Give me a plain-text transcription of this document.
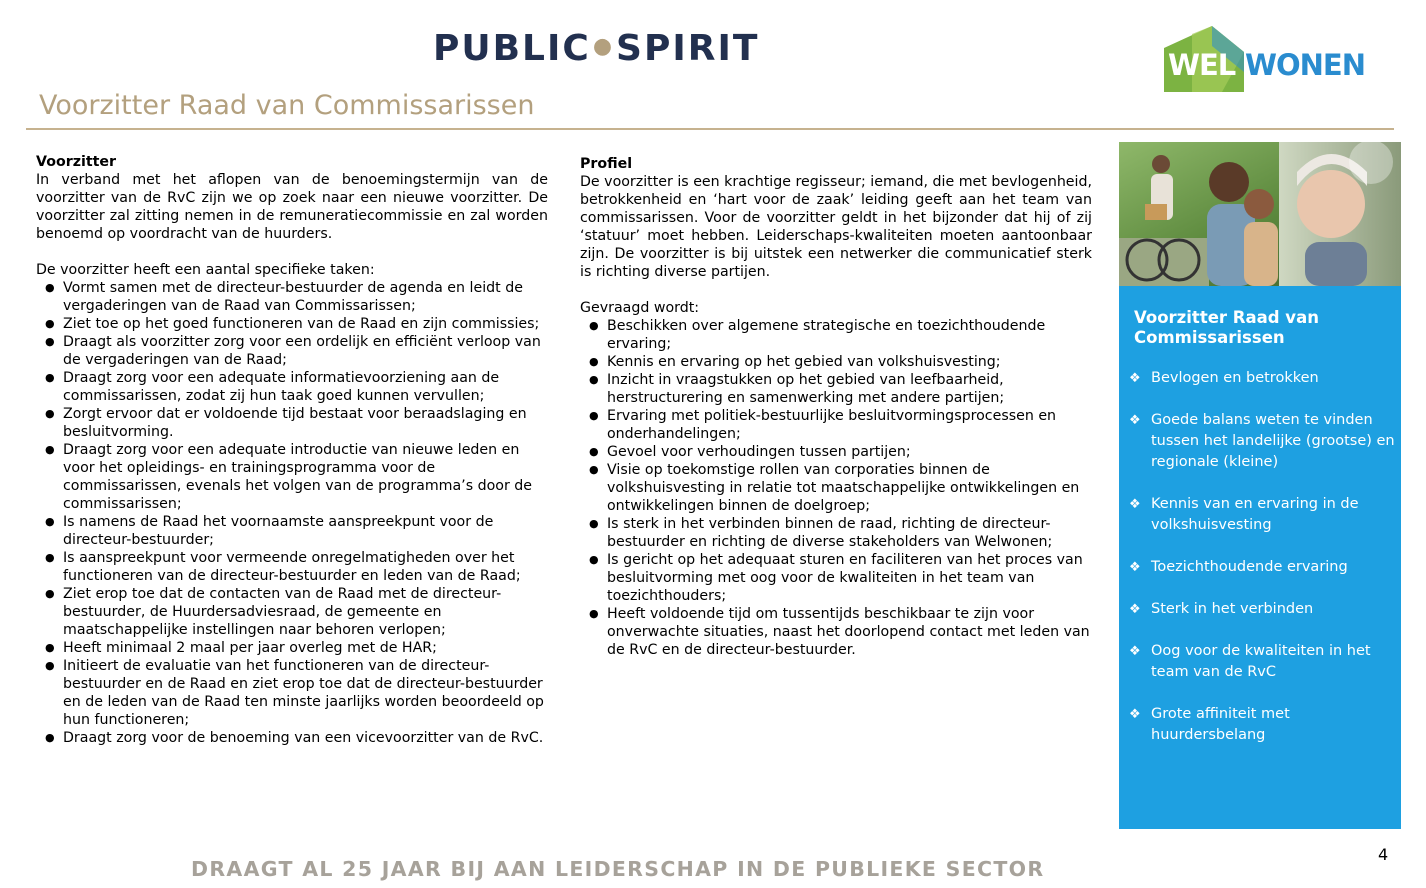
PUBLIC●SPIRIT	WEL WONEN
Voorzitter Raad van Commissarissen
Voorzitter

In verband met het aflopen van de benoemingstermijn van de voorzitter van de RvC zijn we op zoek naar een nieuwe voorzitter. De voorzitter zal zitting nemen in de remuneratiecommissie en zal worden benoemd op voordracht van de huurders.

De voorzitter heeft een aantal specifieke taken:

● Vormt samen met de directeur-bestuurder de agenda en leidt de vergaderingen van de Raad van Commissarissen;
● Ziet toe op het goed functioneren van de Raad en zijn commissies;
● Draagt als voorzitter zorg voor een ordelijk en efficiënt verloop van de vergaderingen van de Raad;
● Draagt zorg voor een adequate informatievoorziening aan de commissarissen, zodat zij hun taak goed kunnen vervullen;
● Zorgt ervoor dat er voldoende tijd bestaat voor beraadslaging en besluitvorming.
● Draagt zorg voor een adequate introductie van nieuwe leden en voor het opleidings- en trainingsprogramma voor de commissarissen, evenals het volgen van de programma’s door de commissarissen;
● Is namens de Raad het voornaamste aanspreekpunt voor de directeur-bestuurder;
● Is aanspreekpunt voor vermeende onregelmatigheden over het functioneren van de directeur-bestuurder en leden van de Raad;
● Ziet erop toe dat de contacten van de Raad met de directeur-bestuurder, de Huurdersadviesraad, de gemeente en maatschappelijke instellingen naar behoren verlopen;
● Heeft minimaal 2 maal per jaar overleg met de HAR;
● Initieert de evaluatie van het functioneren van de directeur-bestuurder en de Raad en ziet erop toe dat de directeur-bestuurder en de leden van de Raad ten minste jaarlijks worden beoordeeld op hun functioneren;
● Draagt zorg voor de benoeming van een vicevoorzitter van de RvC.
Profiel

De voorzitter is een krachtige regisseur; iemand, die met bevlogenheid, betrokkenheid en ‘hart voor de zaak’ leiding geeft aan het team van commissarissen. Voor de voorzitter geldt in het bijzonder dat hij of zij ‘statuur’ moet hebben. Leiderschaps-kwaliteiten moeten aantoonbaar zijn. De voorzitter is bij uitstek een netwerker die communicatief sterk is richting diverse partijen.

Gevraagd wordt:

● Beschikken over algemene strategische en toezichthoudende ervaring;
● Kennis en ervaring op het gebied van volkshuisvesting;
● Inzicht in vraagstukken op het gebied van leefbaarheid, herstructurering en samenwerking met andere partijen;
● Ervaring met politiek-bestuurlijke besluitvormingsprocessen en onderhandelingen;
● Gevoel voor verhoudingen tussen partijen;
● Visie op toekomstige rollen van corporaties binnen de volkshuisvesting in relatie tot maatschappelijke ontwikkelingen en ontwikkelingen binnen de doelgroep;
● Is sterk in het verbinden binnen de raad, richting de directeur-bestuurder en richting de diverse stakeholders van Welwonen;
● Is gericht op het adequaat sturen en faciliteren van het proces van besluitvorming met oog voor de kwaliteiten in het team van toezichthouders;
● Heeft voldoende tijd om tussentijds beschikbaar te zijn voor onverwachte situaties, naast het doorlopend contact met leden van de RvC en de directeur-bestuurder.
Voorzitter Raad van Commissarissen
❖ Bevlogen en betrokken
❖ Goede balans weten te vinden tussen het landelijke (grootse) en regionale (kleine)
❖ Kennis van en ervaring in de volkshuisvesting
❖ Toezichthoudende ervaring
❖ Sterk in het verbinden
❖ Oog voor de kwaliteiten in het team van de RvC
❖ Grote affiniteit met huurdersbelang
DRAAGT AL 25 JAAR BIJ AAN LEIDERSCHAP IN DE PUBLIEKE SECTOR
4
